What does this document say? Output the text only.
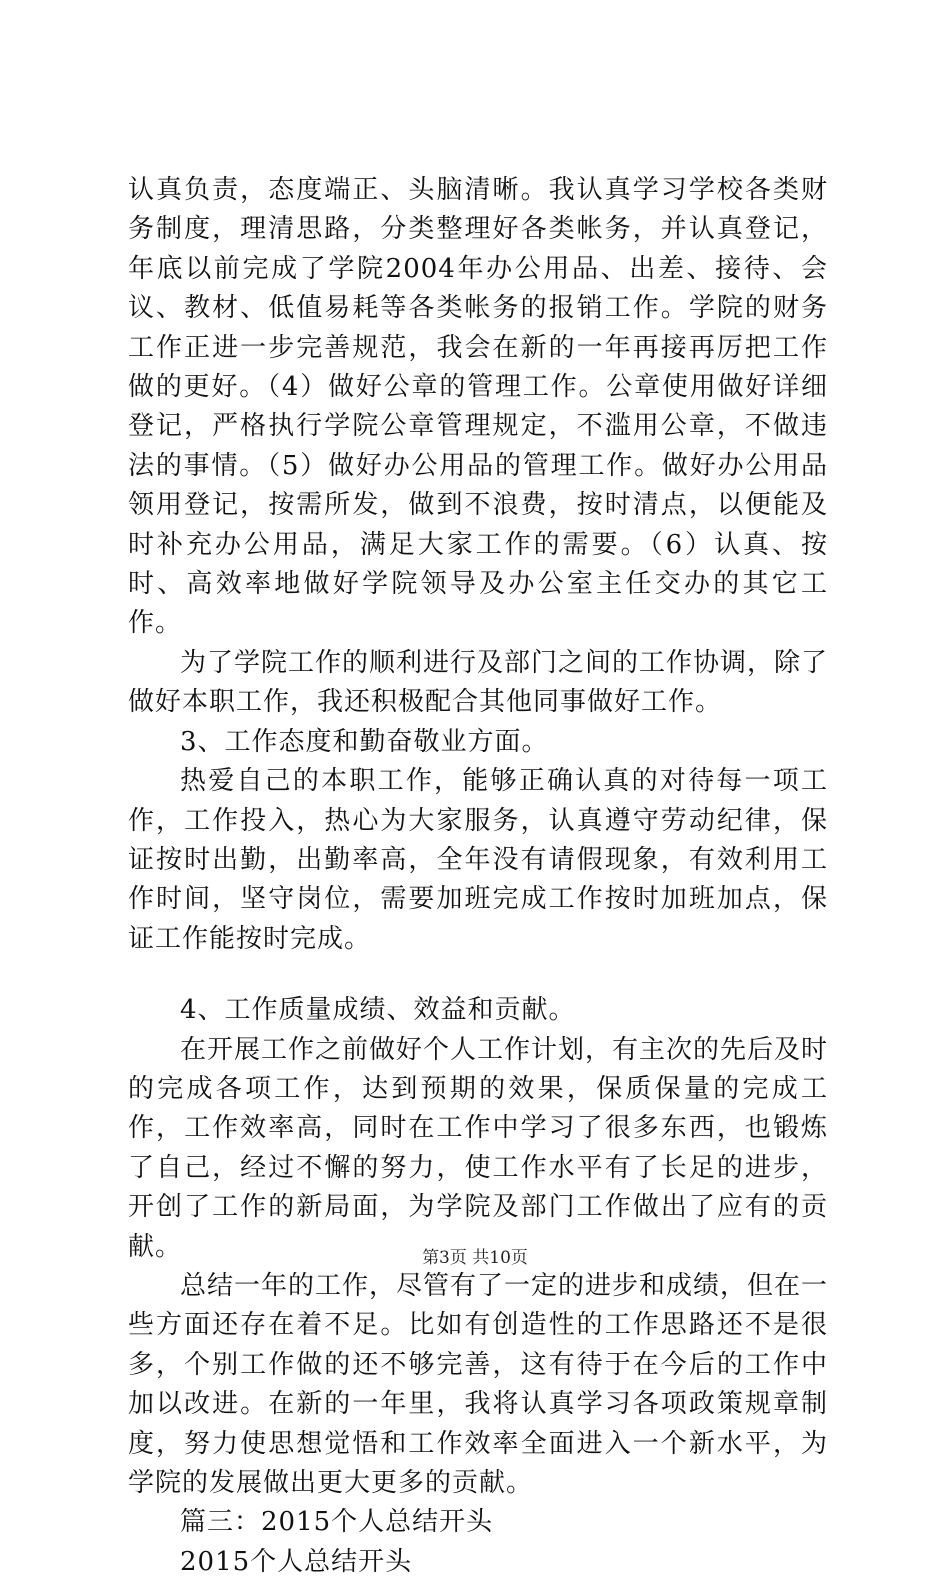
认真负责，态度端正、头脑清晰。我认真学习学校各类财务制度，理清思路，分类整理好各类帐务，并认真登记，年底以前完成了学院2004年办公用品、出差、接待、会议、教材、低值易耗等各类帐务的报销工作。学院的财务工作正进一步完善规范，我会在新的一年再接再厉把工作做的更好。（4）做好公章的管理工作。公章使用做好详细登记，严格执行学院公章管理规定，不滥用公章，不做违法的事情。（5）做好办公用品的管理工作。做好办公用品领用登记，按需所发，做到不浪费，按时清点，以便能及时补充办公用品，满足大家工作的需要。（6）认真、按时、高效率地做好学院领导及办公室主任交办的其它工作。

为了学院工作的顺利进行及部门之间的工作协调，除了做好本职工作，我还积极配合其他同事做好工作。

3、工作态度和勤奋敬业方面。

热爱自己的本职工作，能够正确认真的对待每一项工作，工作投入，热心为大家服务，认真遵守劳动纪律，保证按时出勤，出勤率高，全年没有请假现象，有效利用工作时间，坚守岗位，需要加班完成工作按时加班加点，保证工作能按时完成。

4、工作质量成绩、效益和贡献。

在开展工作之前做好个人工作计划，有主次的先后及时的完成各项工作，达到预期的效果，保质保量的完成工作，工作效率高，同时在工作中学习了很多东西，也锻炼了自己，经过不懈的努力，使工作水平有了长足的进步，开创了工作的新局面，为学院及部门工作做出了应有的贡献。

总结一年的工作，尽管有了一定的进步和成绩，但在一些方面还存在着不足。比如有创造性的工作思路还不是很多，个别工作做的还不够完善，这有待于在今后的工作中加以改进。在新的一年里，我将认真学习各项政策规章制度，努力使思想觉悟和工作效率全面进入一个新水平，为学院的发展做出更大更多的贡献。

篇三：2015个人总结开头

2015个人总结开头

第3页 共10页
